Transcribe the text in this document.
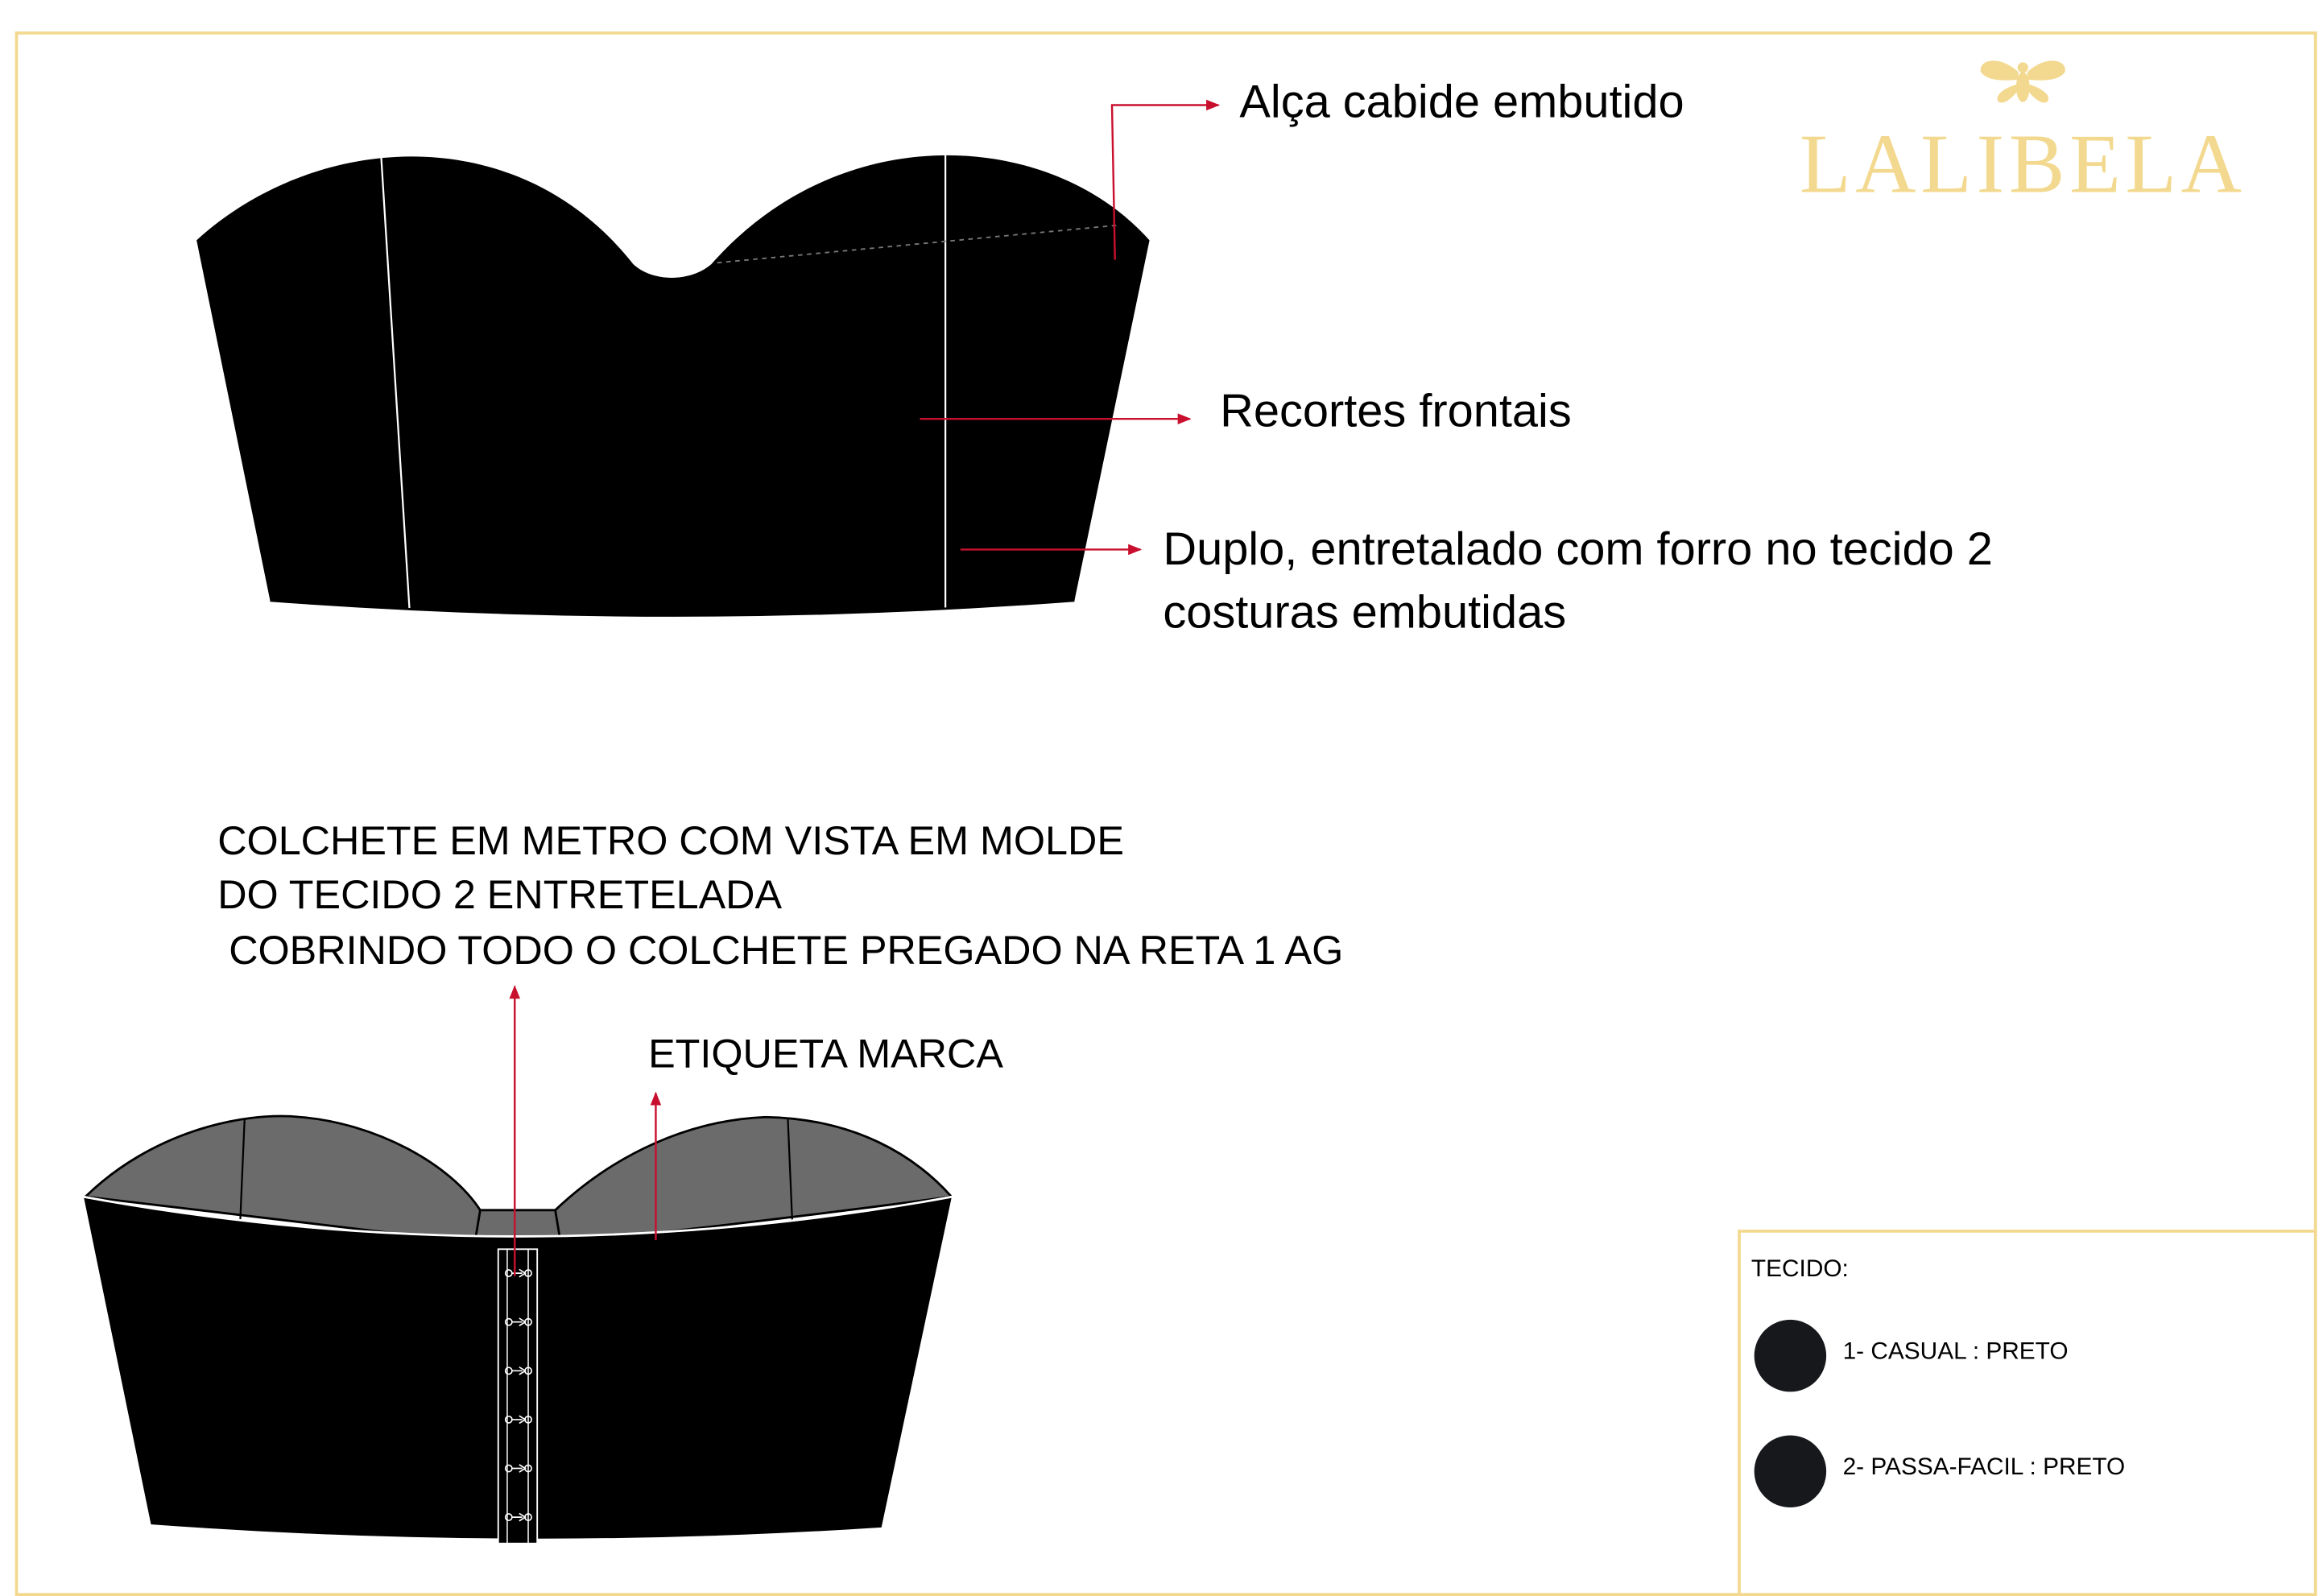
LALIBELA
Alça cabide embutido
Recortes frontais
Duplo, entretalado com forro no tecido 2
costuras embutidas
COLCHETE EM METRO COM VISTA EM MOLDE
DO TECIDO 2 ENTRETELADA
COBRINDO TODO O COLCHETE PREGADO NA RETA 1 AG
ETIQUETA MARCA
TECIDO:
1- CASUAL : PRETO
2- PASSA-FACIL : PRETO
